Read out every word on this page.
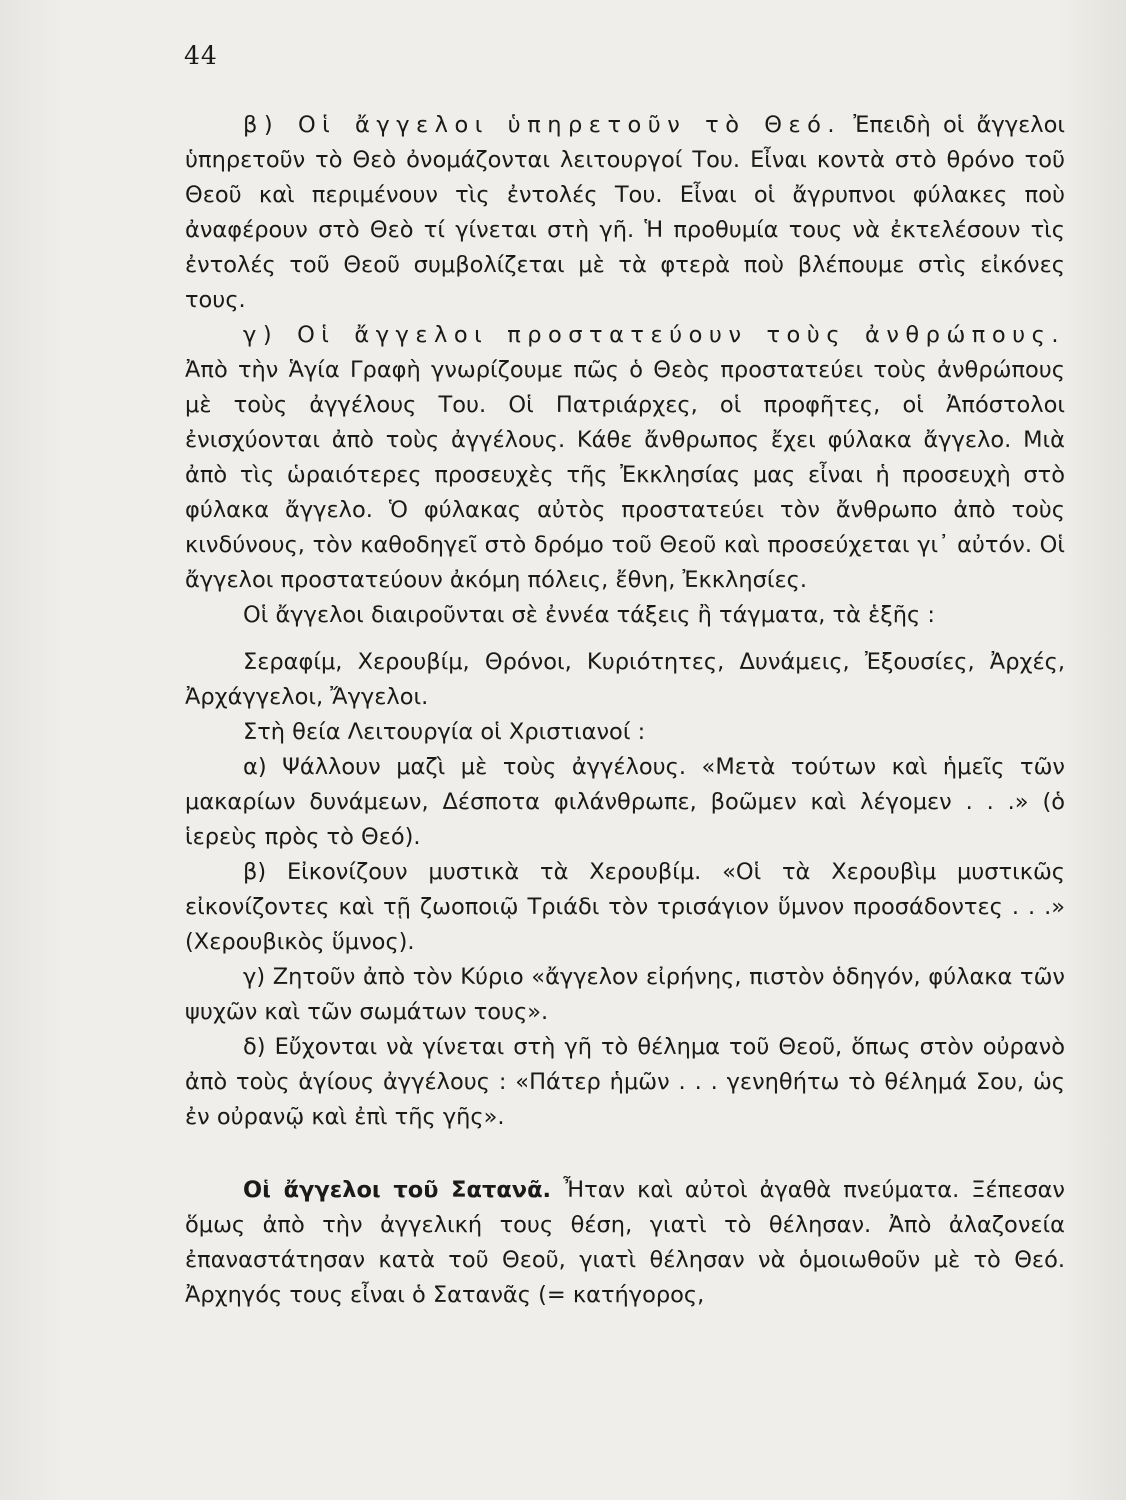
44

β) Οἱ ἄγγελοι ὑπηρετοῦν τὸ Θεό. Ἐπειδὴ οἱ ἄγγελοι ὑπηρετοῦν τὸ Θεὸ ὀνομάζονται λειτουργοί Του. Εἶναι κοντὰ στὸ θρόνο τοῦ Θεοῦ καὶ περιμένουν τὶς ἐντολές Του. Εἶναι οἱ ἄγρυπνοι φύλακες ποὺ ἀναφέρουν στὸ Θεὸ τί γίνεται στὴ γῆ. Ἡ προθυμία τους νὰ ἐκτελέσουν τὶς ἐντολές τοῦ Θεοῦ συμβολίζεται μὲ τὰ φτερὰ ποὺ βλέπουμε στὶς εἰκόνες τους.

γ) Οἱ ἄγγελοι προστατεύουν τοὺς ἀνθρώπους. Ἀπὸ τὴν Ἁγία Γραφὴ γνωρίζουμε πῶς ὁ Θεὸς προστατεύει τοὺς ἀνθρώπους μὲ τοὺς ἀγγέλους Του. Οἱ Πατριάρχες, οἱ προφῆτες, οἱ Ἀπόστολοι ἐνισχύονται ἀπὸ τοὺς ἀγγέλους. Κάθε ἄνθρωπος ἔχει φύλακα ἄγγελο. Μιὰ ἀπὸ τὶς ὡραιότερες προσευχὲς τῆς Ἐκκλησίας μας εἶναι ἡ προσευχὴ στὸ φύλακα ἄγγελο. Ὁ φύλακας αὐτὸς προστατεύει τὸν ἄνθρωπο ἀπὸ τοὺς κινδύνους, τὸν καθοδηγεῖ στὸ δρόμο τοῦ Θεοῦ καὶ προσεύχεται γι᾽ αὐτόν. Οἱ ἄγγελοι προστατεύουν ἀκόμη πόλεις, ἔθνη, Ἐκκλησίες.

Οἱ ἄγγελοι διαιροῦνται σὲ ἐννέα τάξεις ἢ τάγματα, τὰ ἑξῆς :

Σεραφίμ, Χερουβίμ, Θρόνοι, Κυριότητες, Δυνάμεις, Ἐξουσίες, Ἀρχές, Ἀρχάγγελοι, Ἄγγελοι.

Στὴ θεία Λειτουργία οἱ Χριστιανοί :

α) Ψάλλουν μαζὶ μὲ τοὺς ἀγγέλους. «Μετὰ τούτων καὶ ἡμεῖς τῶν μακαρίων δυνάμεων, Δέσποτα φιλάνθρωπε, βοῶμεν καὶ λέγομεν . . .» (ὁ ἱερεὺς πρὸς τὸ Θεό).

β) Εἰκονίζουν μυστικὰ τὰ Χερουβίμ. «Οἱ τὰ Χερουβὶμ μυστικῶς εἰκονίζοντες καὶ τῇ ζωοποιῷ Τριάδι τὸν τρισάγιον ὕμνον προσάδοντες . . .» (Χερουβικὸς ὕμνος).

γ) Ζητοῦν ἀπὸ τὸν Κύριο «ἄγγελον εἰρήνης, πιστὸν ὁδηγόν, φύλακα τῶν ψυχῶν καὶ τῶν σωμάτων τους».

δ) Εὔχονται νὰ γίνεται στὴ γῆ τὸ θέλημα τοῦ Θεοῦ, ὅπως στὸν οὐρανὸ ἀπὸ τοὺς ἁγίους ἀγγέλους : «Πάτερ ἡμῶν . . . γενηθήτω τὸ θέλημά Σου, ὡς ἐν οὐρανῷ καὶ ἐπὶ τῆς γῆς».

Οἱ ἄγγελοι τοῦ Σατανᾶ. Ἦταν καὶ αὐτοὶ ἀγαθὰ πνεύματα. Ξέπεσαν ὅμως ἀπὸ τὴν ἀγγελική τους θέση, γιατὶ τὸ θέλησαν. Ἀπὸ ἀλαζονεία ἐπαναστάτησαν κατὰ τοῦ Θεοῦ, γιατὶ θέλησαν νὰ ὁμοιωθοῦν μὲ τὸ Θεό. Ἀρχηγός τους εἶναι ὁ Σατανᾶς (= κατήγορος,
